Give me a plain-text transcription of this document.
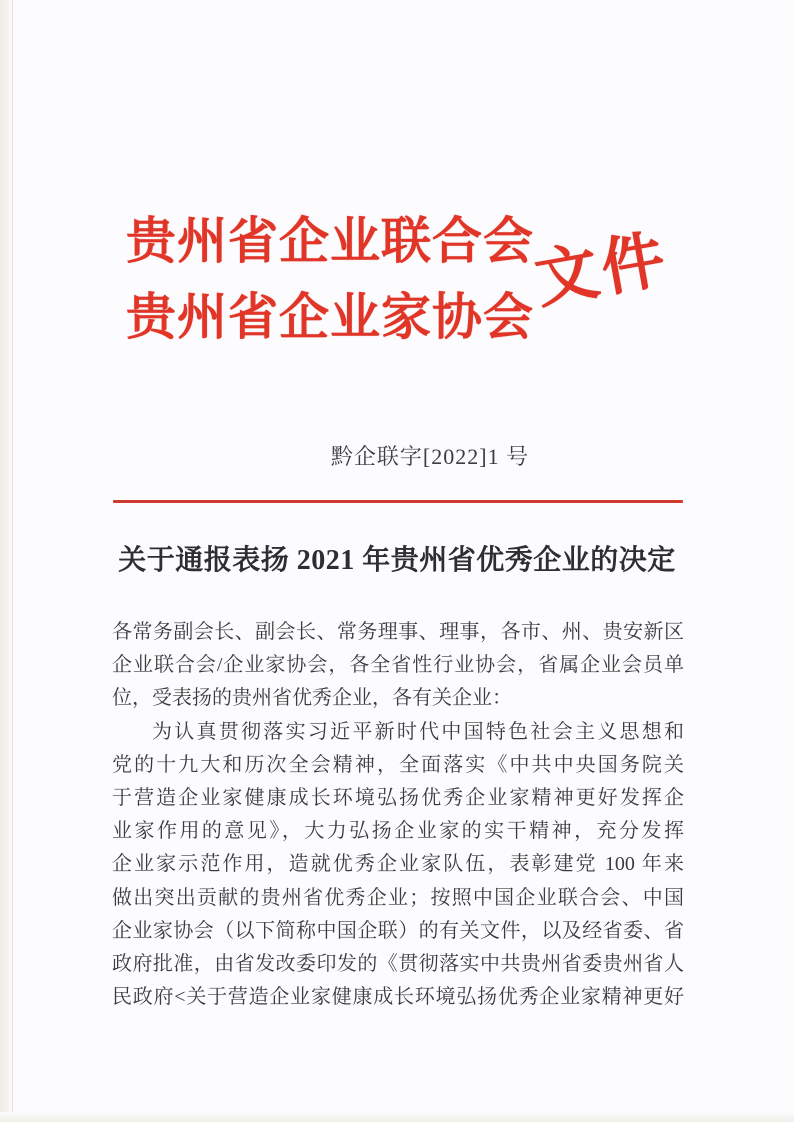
贵州省企业联合会
贵州省企业家协会
文件
黔企联字[2022]1 号
关于通报表扬 2021 年贵州省优秀企业的决定
各常务副会长、副会长、常务理事、理事，各市、州、贵安新区
企业联合会/企业家协会，各全省性行业协会，省属企业会员单
位，受表扬的贵州省优秀企业，各有关企业：
为认真贯彻落实习近平新时代中国特色社会主义思想和
党的十九大和历次全会精神，全面落实《中共中央国务院关
于营造企业家健康成长环境弘扬优秀企业家精神更好发挥企
业家作用的意见》，大力弘扬企业家的实干精神，充分发挥
企业家示范作用，造就优秀企业家队伍，表彰建党 100 年来
做出突出贡献的贵州省优秀企业；按照中国企业联合会、中国
企业家协会（以下简称中国企联）的有关文件，以及经省委、省
政府批准，由省发改委印发的《贯彻落实中共贵州省委贵州省人
民政府<关于营造企业家健康成长环境弘扬优秀企业家精神更好
